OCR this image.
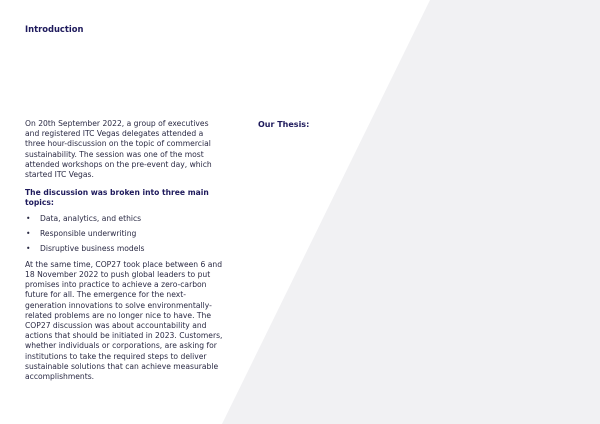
Introduction

On 20th September 2022, a group of executives and registered ITC Vegas delegates attended a three hour-discussion on the topic of commercial sustainability. The session was one of the most attended workshops on the pre-event day, which started ITC Vegas.

The discussion was broken into three main topics:

• Data, analytics, and ethics
• Responsible underwriting
• Disruptive business models

At the same time, COP27 took place between 6 and 18 November 2022 to push global leaders to put promises into practice to achieve a zero-carbon future for all. The emergence for the next-generation innovations to solve environmentally-related problems are no longer nice to have. The COP27 discussion was about accountability and actions that should be initiated in 2023. Customers, whether individuals or corporations, are asking for institutions to take the required steps to deliver sustainable solutions that can achieve measurable accomplishments.

Our Thesis:
